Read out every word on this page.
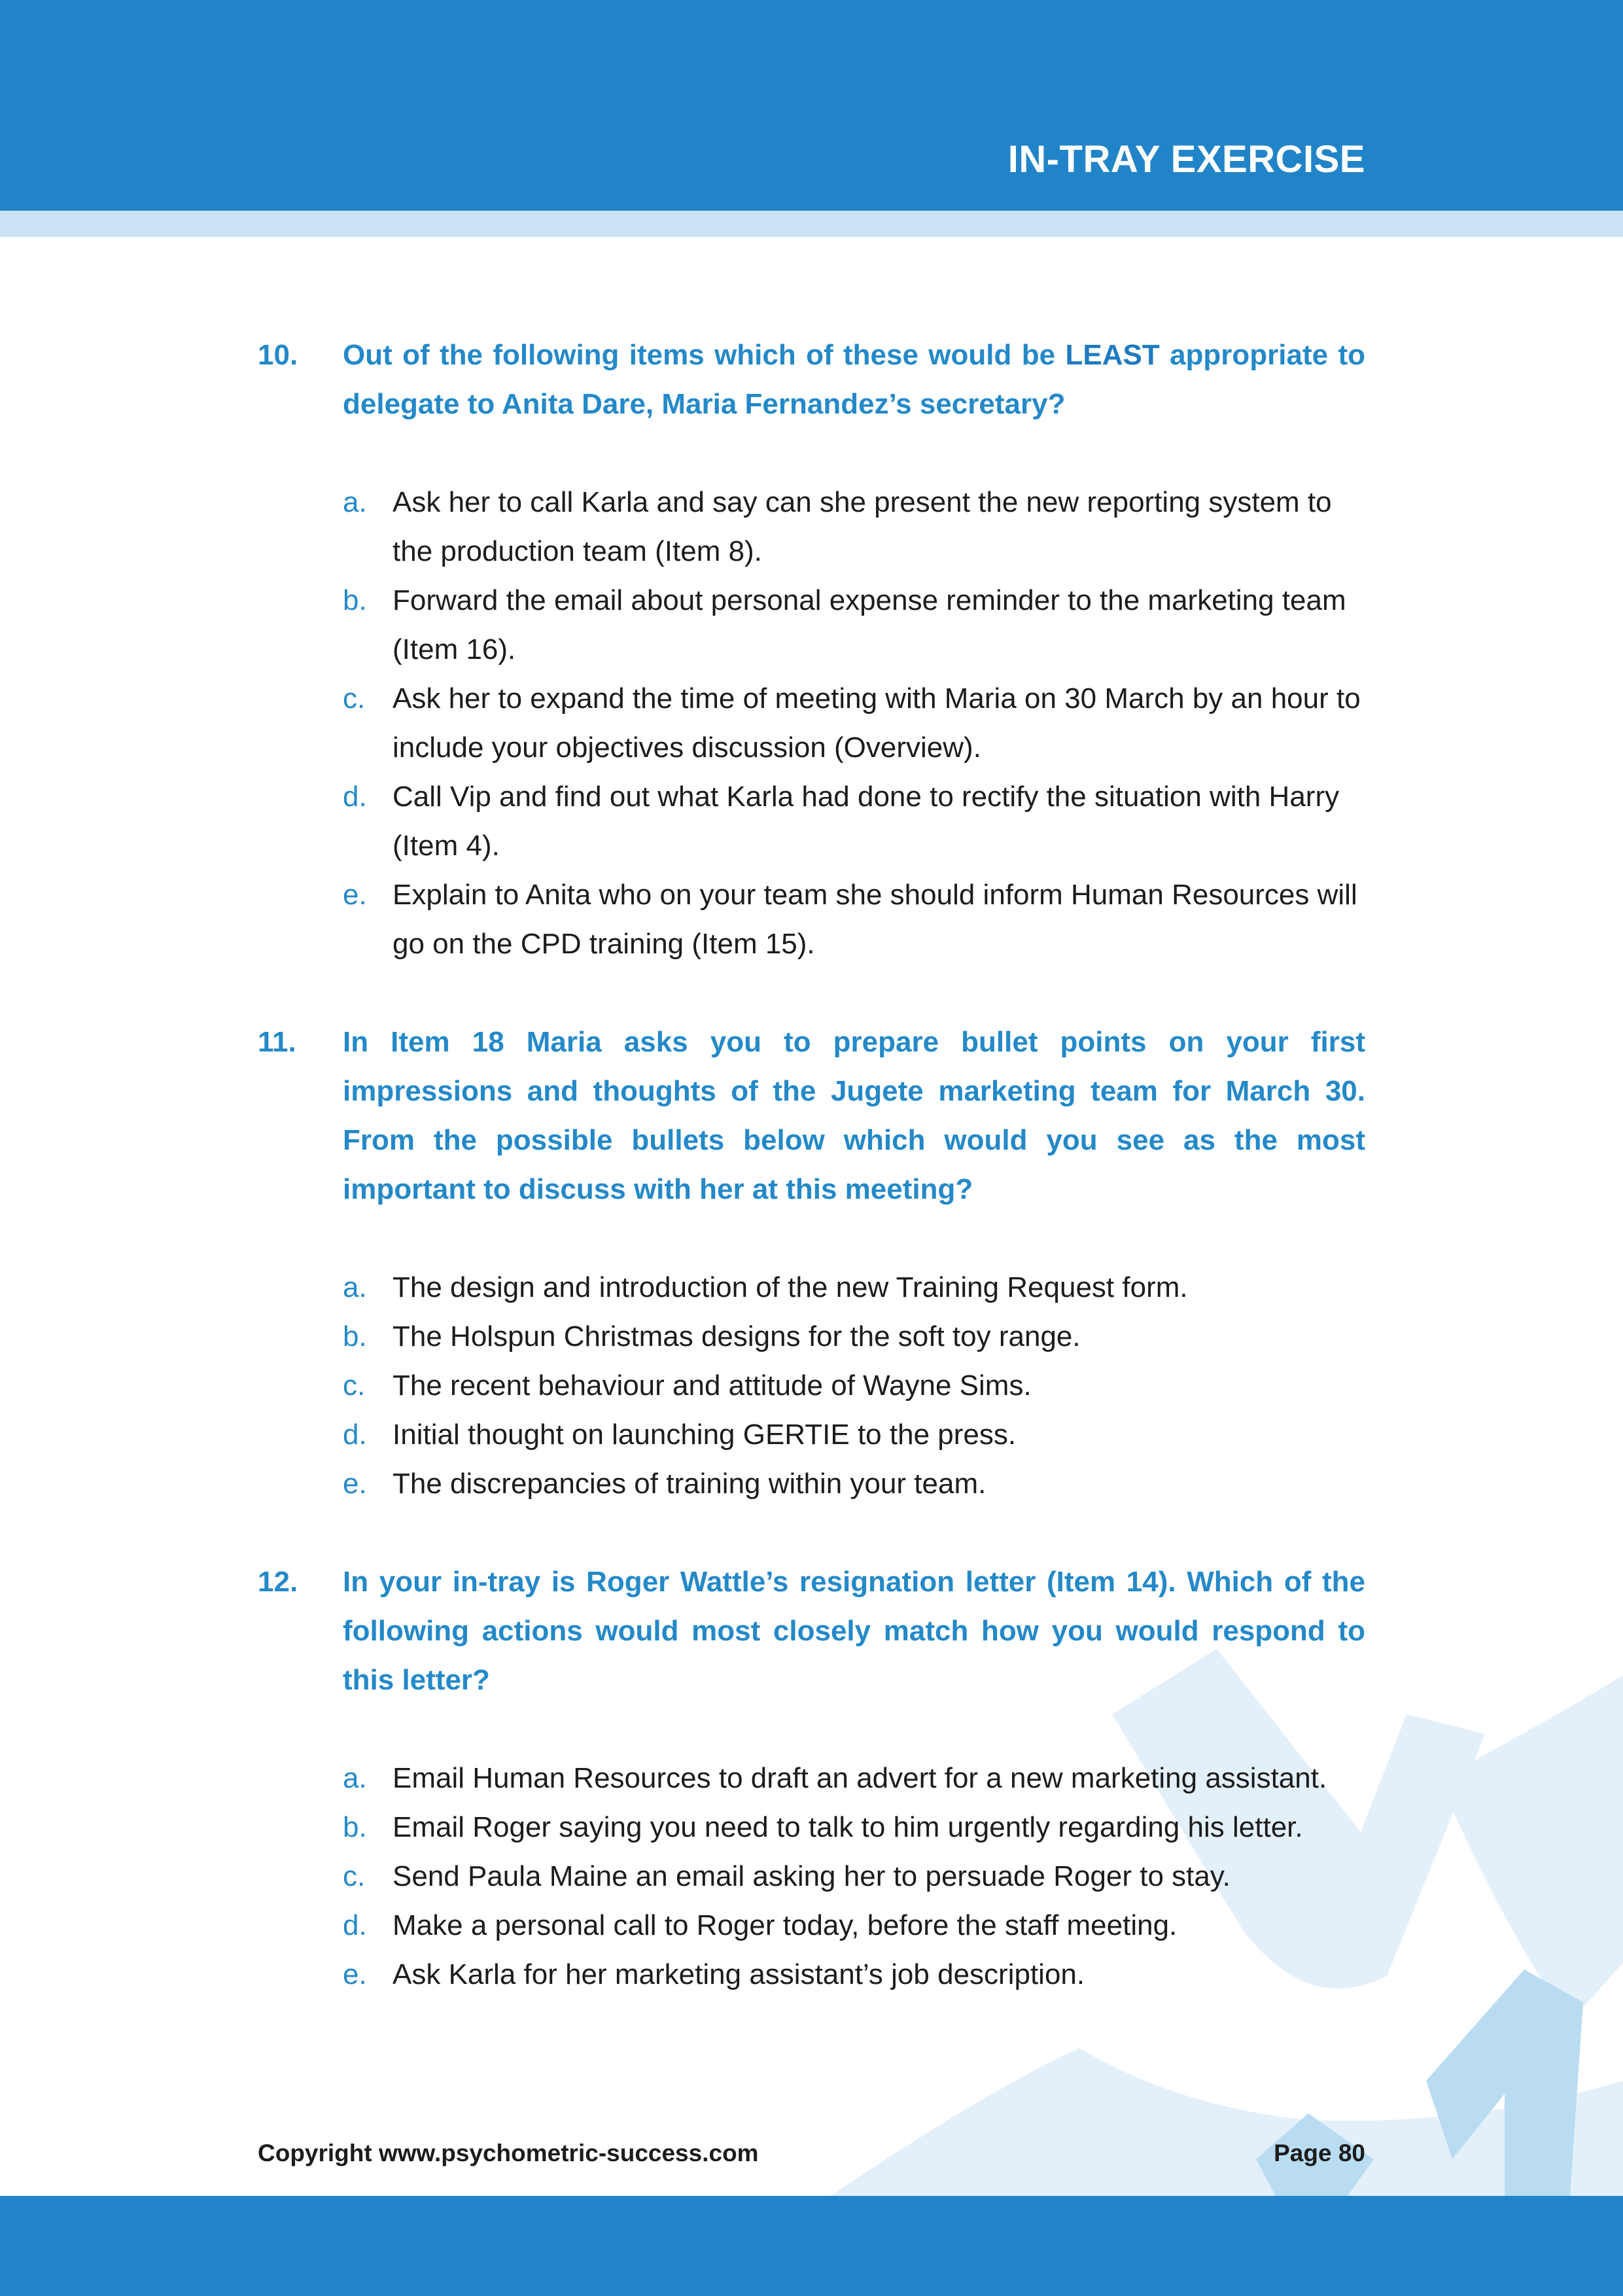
IN-TRAY EXERCISE
10. Out of the following items which of these would be LEAST appropriate to delegate to Anita Dare, Maria Fernandez’s secretary?
a. Ask her to call Karla and say can she present the new reporting system to the production team (Item 8).
b. Forward the email about personal expense reminder to the marketing team (Item 16).
c. Ask her to expand the time of meeting with Maria on 30 March by an hour to include your objectives discussion (Overview).
d. Call Vip and find out what Karla had done to rectify the situation with Harry (Item 4).
e. Explain to Anita who on your team she should inform Human Resources will go on the CPD training (Item 15).
11. In Item 18 Maria asks you to prepare bullet points on your first impressions and thoughts of the Jugete marketing team for March 30. From the possible bullets below which would you see as the most important to discuss with her at this meeting?
a. The design and introduction of the new Training Request form.
b. The Holspun Christmas designs for the soft toy range.
c. The recent behaviour and attitude of Wayne Sims.
d. Initial thought on launching GERTIE to the press.
e. The discrepancies of training within your team.
12. In your in-tray is Roger Wattle’s resignation letter (Item 14). Which of the following actions would most closely match how you would respond to this letter?
a. Email Human Resources to draft an advert for a new marketing assistant.
b. Email Roger saying you need to talk to him urgently regarding his letter.
c. Send Paula Maine an email asking her to persuade Roger to stay.
d. Make a personal call to Roger today, before the staff meeting.
e. Ask Karla for her marketing assistant’s job description.
Copyright www.psychometric-success.com	Page 80
